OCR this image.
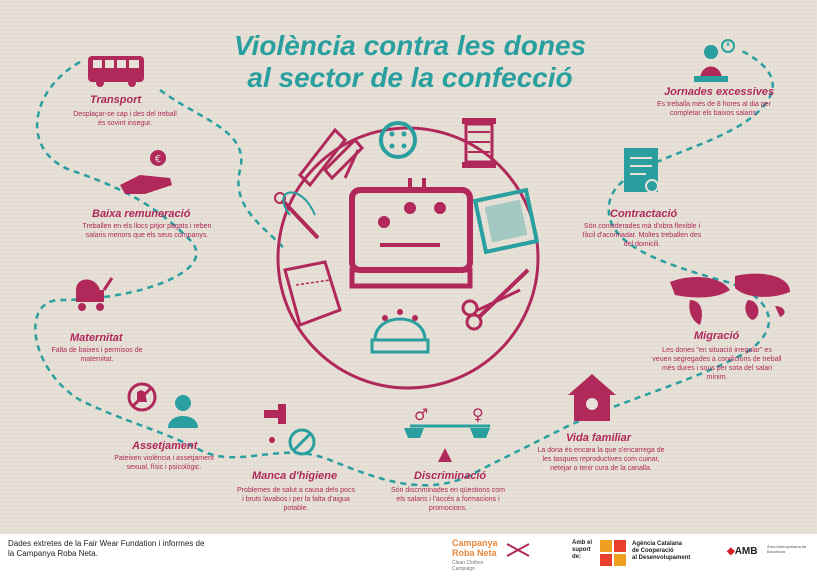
€
♂	♀
Violència contra les dones
al sector de la confecció
Transport
Desplaçar-se cap i des del treball és sovint insegur.
Baixa remuneració
Treballen en els llocs pitjor pagats i reben salaris menors que els seus companys.
Maternitat
Falta de baixes i permisos de maternitat.
Assetjament
Pateixen violència i assetjament sexual, físic i psicològic.
Manca d'higiene
Problemes de salut a causa dels pocs i bruts lavabos i per la falta d'aigua potable.
Discriminació
Són discriminades en qüestions com els salaris i l'accés a formacions i promocions.
Vida familiar
La dona és encara la que s'encarrega de les tasques reproductives com cuinar, netejar o tenir cura de la canalla.
Migració
Les dones "en situació irregular" es veuen segregades a condicions de treball més dures i sous per sota del salari mínim.
Contractació
Són considerades mà d'obra flexible i fàcil d'acomiadar. Moltes treballen des del domicili.
Jornades excessives
Es treballa més de 8 hores al dia per completar els baixos salaris.
Dades extretes de la Fair Wear Fundation i informes de la Campanya Roba Neta.
Campanya Roba Neta
Clean Clothes Campaign
Amb el suport de:
Agència Catalana
de Cooperació
al Desenvolupament
◆AMB Àrea Metropolitana de Barcelona
